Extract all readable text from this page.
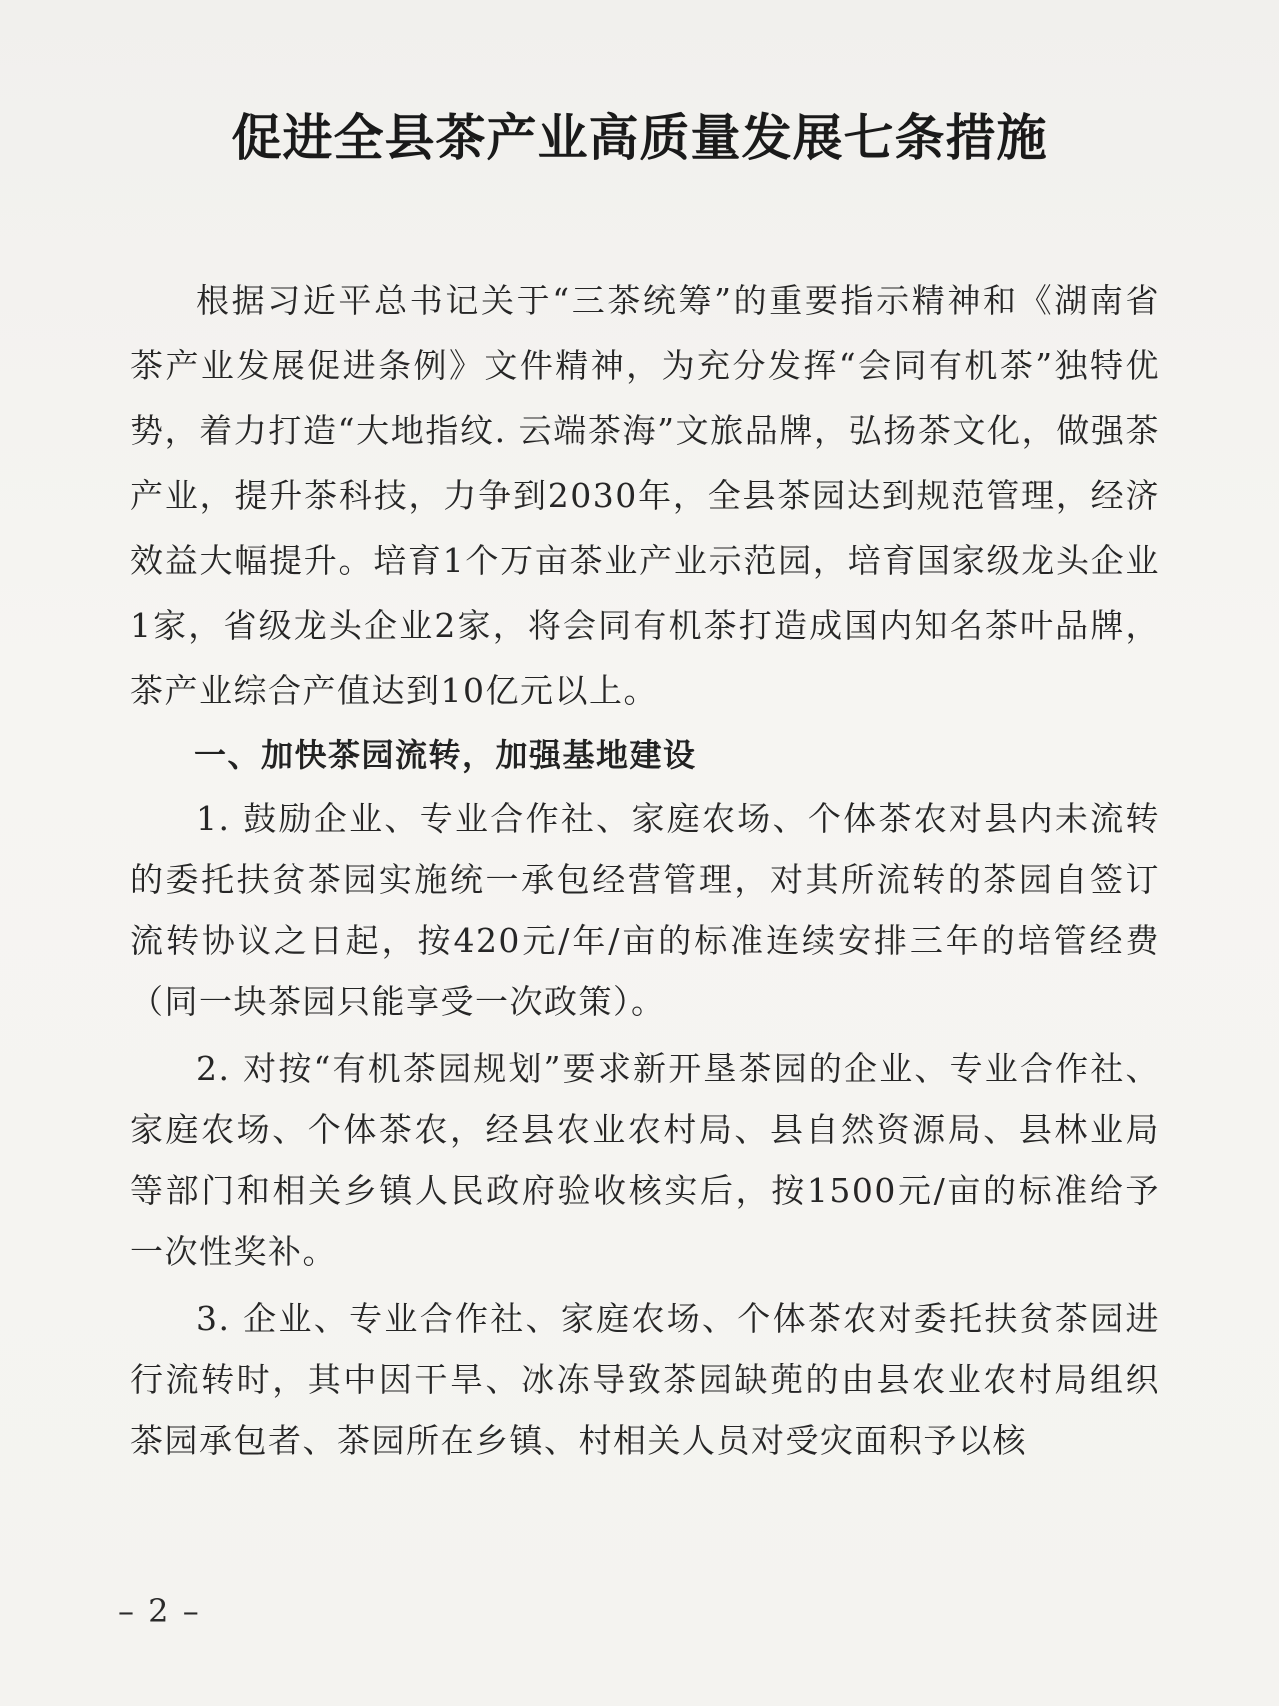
促进全县茶产业高质量发展七条措施

根据习近平总书记关于“三茶统筹”的重要指示精神和《湖南省茶产业发展促进条例》文件精神，为充分发挥“会同有机茶”独特优势，着力打造“大地指纹. 云端茶海”文旅品牌，弘扬茶文化，做强茶产业，提升茶科技，力争到2030年，全县茶园达到规范管理，经济效益大幅提升。培育1个万亩茶业产业示范园，培育国家级龙头企业1家，省级龙头企业2家，将会同有机茶打造成国内知名茶叶品牌，茶产业综合产值达到10亿元以上。

一、加快茶园流转，加强基地建设

1. 鼓励企业、专业合作社、家庭农场、个体茶农对县内未流转的委托扶贫茶园实施统一承包经营管理，对其所流转的茶园自签订流转协议之日起，按420元/年/亩的标准连续安排三年的培管经费（同一块茶园只能享受一次政策）。

2. 对按“有机茶园规划”要求新开垦茶园的企业、专业合作社、家庭农场、个体茶农，经县农业农村局、县自然资源局、县林业局等部门和相关乡镇人民政府验收核实后，按1500元/亩的标准给予一次性奖补。

3. 企业、专业合作社、家庭农场、个体茶农对委托扶贫茶园进行流转时，其中因干旱、冰冻导致茶园缺蔸的由县农业农村局组织茶园承包者、茶园所在乡镇、村相关人员对受灾面积予以核

– 2 –
